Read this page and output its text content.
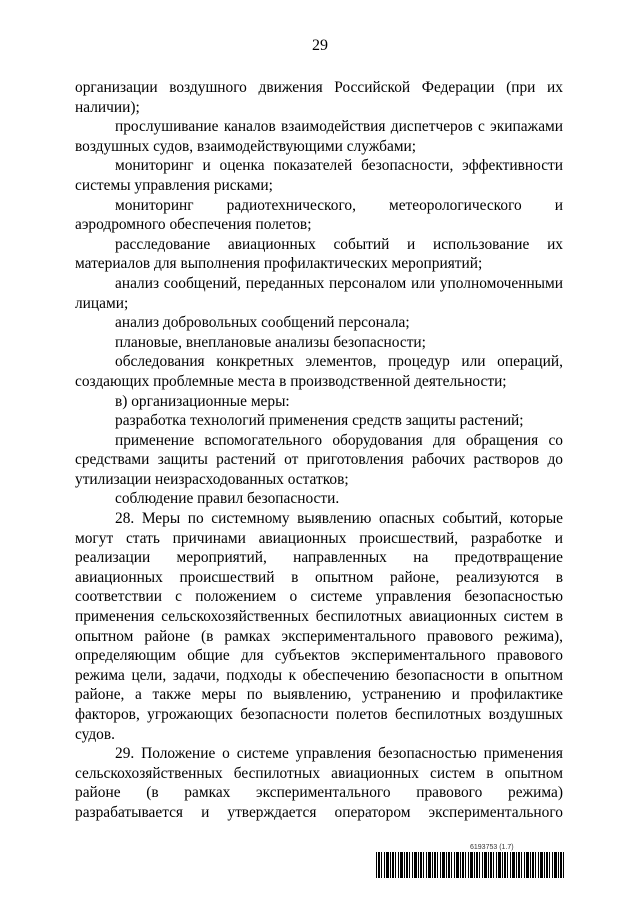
29

организации воздушного движения Российской Федерации (при их наличии);

прослушивание каналов взаимодействия диспетчеров с экипажами воздушных судов, взаимодействующими службами;

мониторинг и оценка показателей безопасности, эффективности системы управления рисками;

мониторинг радиотехнического, метеорологического и аэродромного обеспечения полетов;

расследование авиационных событий и использование их материалов для выполнения профилактических мероприятий;

анализ сообщений, переданных персоналом или уполномоченными лицами;

анализ добровольных сообщений персонала;

плановые, внеплановые анализы безопасности;

обследования конкретных элементов, процедур или операций, создающих проблемные места в производственной деятельности;

в) организационные меры:

разработка технологий применения средств защиты растений;

применение вспомогательного оборудования для обращения со средствами защиты растений от приготовления рабочих растворов до утилизации неизрасходованных остатков;

соблюдение правил безопасности.

28. Меры по системному выявлению опасных событий, которые могут стать причинами авиационных происшествий, разработке и реализации мероприятий, направленных на предотвращение авиационных происшествий в опытном районе, реализуются в соответствии с положением о системе управления безопасностью применения сельскохозяйственных беспилотных авиационных систем в опытном районе (в рамках экспериментального правового режима), определяющим общие для субъектов экспериментального правового режима цели, задачи, подходы к обеспечению безопасности в опытном районе, а также меры по выявлению, устранению и профилактике факторов, угрожающих безопасности полетов беспилотных воздушных судов.

29. Положение о системе управления безопасностью применения сельскохозяйственных беспилотных авиационных систем в опытном районе (в рамках экспериментального правового режима) разрабатывается и утверждается оператором экспериментального

6193753 (1.7)
